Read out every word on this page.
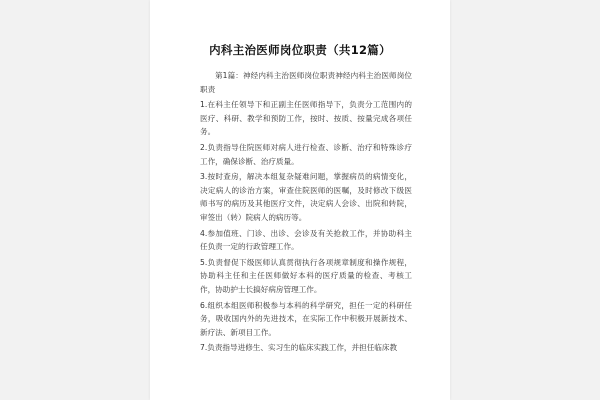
内科主治医师岗位职责（共12篇）

第1篇：神经内科主治医师岗位职责神经内科主治医师岗位职责

1.在科主任领导下和正副主任医师指导下，负责分工范围内的医疗、科研、教学和预防工作，按时、按质、按量完成各项任务。

2.负责指导住院医师对病人进行检查、诊断、治疗和特殊诊疗工作，确保诊断、治疗质量。

3.按时查房，解决本组复杂疑难问题，掌握病员的病情变化，决定病人的诊治方案，审查住院医师的医嘱，及时修改下级医师书写的病历及其他医疗文件，决定病人会诊、出院和转院，审签出（转）院病人的病历等。

4.参加值班、门诊、出诊、会诊及有关抢救工作，并协助科主任负责一定的行政管理工作。

5.负责督促下级医师认真贯彻执行各项规章制度和操作规程，协助科主任和主任医师做好本科的医疗质量的检查、考核工作，协助护士长搞好病房管理工作。

6.组织本组医师积极参与本科的科学研究，担任一定的科研任务，吸收国内外的先进技术，在实际工作中积极开展新技术、新疗法、新项目工作。

7.负责指导进修生、实习生的临床实践工作，并担任临床教
